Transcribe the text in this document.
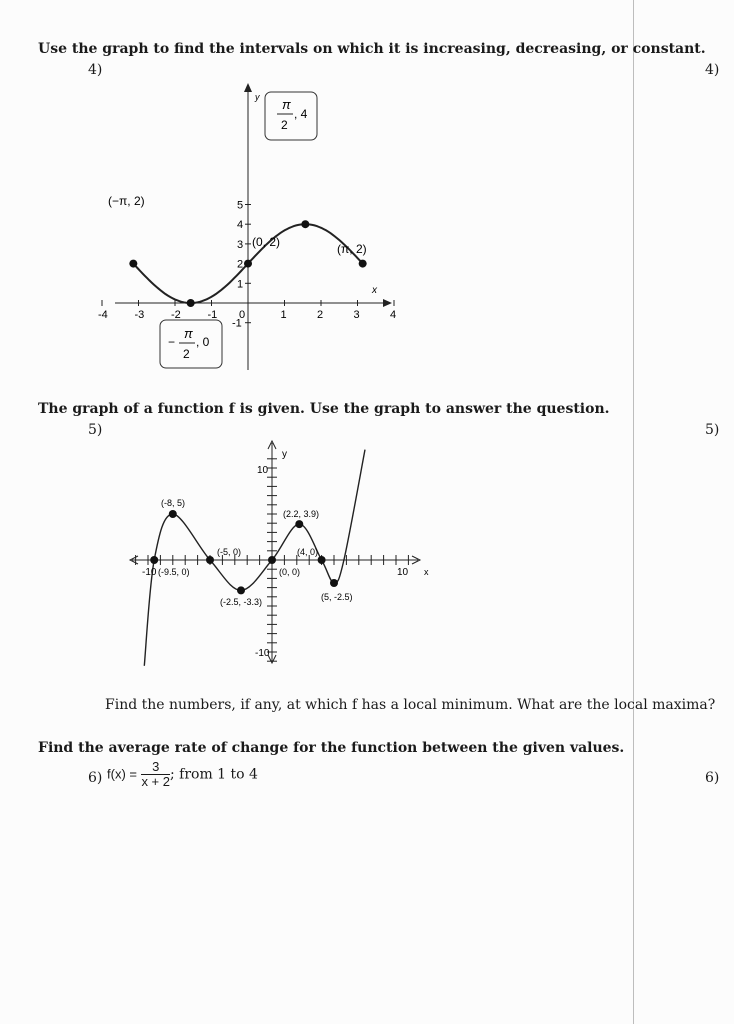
Use the graph to find the intervals on which it is increasing, decreasing, or constant.
4)	4)
-4 -3 -2 -1 0	1	2	3	4
5
4
3
2
1
-1
x
y
(−π, 2)
(0, 2)	(π, 2)
π
2
, 4
−
π
2
, 0
The graph of a function f is given. Use the graph to answer the question.
5)	5)
y
x
10
-10
-10	10
(-9.5, 0)
(-8, 5)
(-5, 0)
(-2.5, -3.3)
(0, 0)
(2.2, 3.9)
(4, 0)
(5, -2.5)
Find the numbers, if any, at which f has a local minimum. What are the local maxima?
Find the average rate of change for the function between the given values.
6)	6)
$f(x) = \frac{3}{x + 2}$ ; from 1 to 4
